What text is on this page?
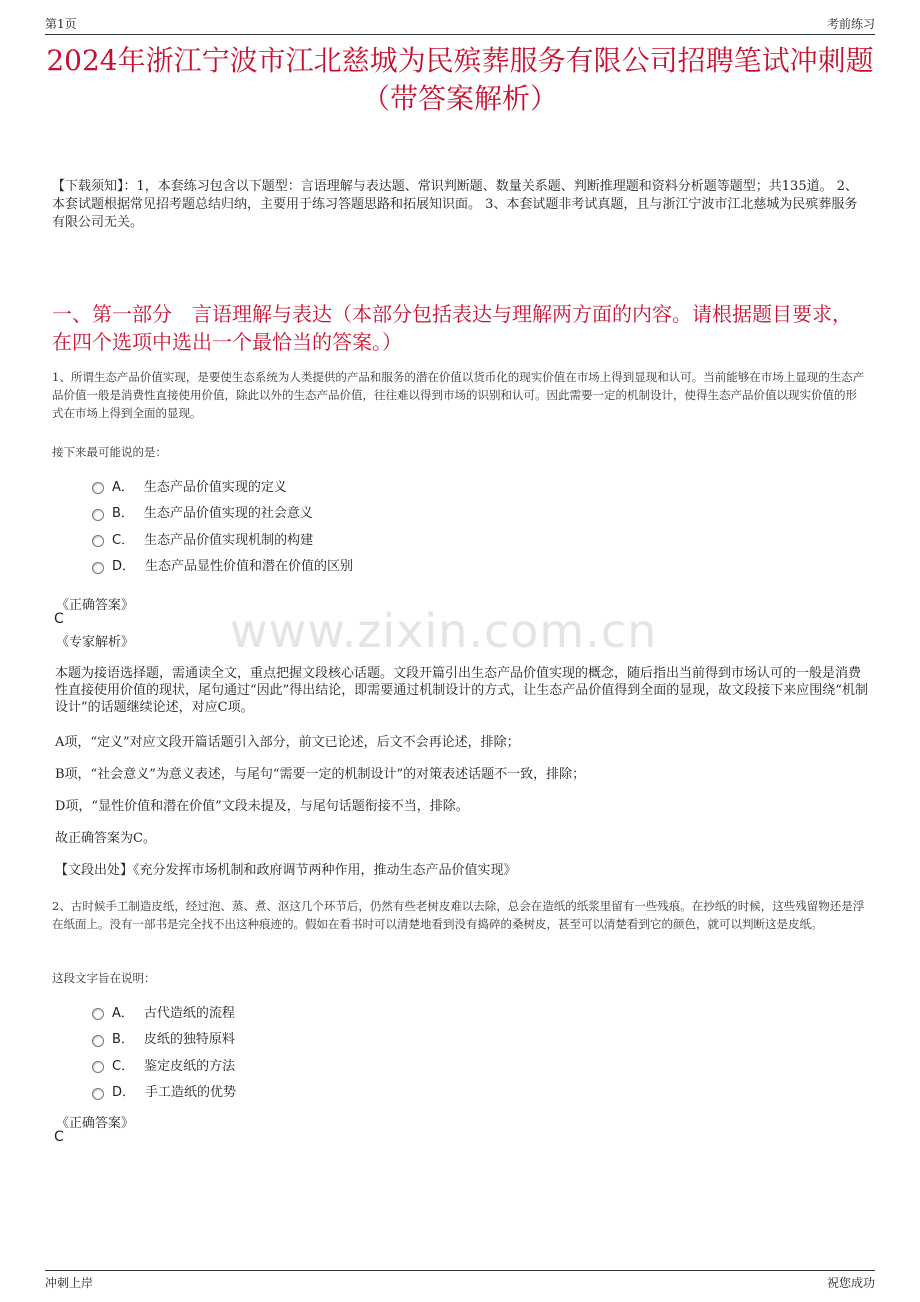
第1页	考前练习
2024年浙江宁波市江北慈城为民殡葬服务有限公司招聘笔试冲刺题（带答案解析）
【下载须知】：1，本套练习包含以下题型：言语理解与表达题、常识判断题、数量关系题、判断推理题和资料分析题等题型；共135道。 2、本套试题根据常见招考题总结归纳，主要用于练习答题思路和拓展知识面。 3、本套试题非考试真题，且与浙江宁波市江北慈城为民殡葬服务有限公司无关。
一、第一部分　言语理解与表达（本部分包括表达与理解两方面的内容。请根据题目要求，在四个选项中选出一个最恰当的答案。）
1、所谓生态产品价值实现，是要使生态系统为人类提供的产品和服务的潜在价值以货币化的现实价值在市场上得到显现和认可。当前能够在市场上显现的生态产品价值一般是消费性直接使用价值，除此以外的生态产品价值，往往难以得到市场的识别和认可。因此需要一定的机制设计，使得生态产品价值以现实价值的形式在市场上得到全面的显现。
接下来最可能说的是：
A． 生态产品价值实现的定义
B． 生态产品价值实现的社会意义
C． 生态产品价值实现机制的构建
D． 生态产品显性价值和潜在价值的区别
《正确答案》
C
《专家解析》 www.zixin.com.cn
本题为接语选择题，需通读全文，重点把握文段核心话题。文段开篇引出生态产品价值实现的概念，随后指出当前得到市场认可的一般是消费性直接使用价值的现状，尾句通过“因此”得出结论，即需要通过机制设计的方式，让生态产品价值得到全面的显现，故文段接下来应围绕“机制设计”的话题继续论述，对应C项。
A项，“定义”对应文段开篇话题引入部分，前文已论述，后文不会再论述，排除；
B项，“社会意义”为意义表述，与尾句“需要一定的机制设计”的对策表述话题不一致，排除；
D项，“显性价值和潜在价值”文段未提及，与尾句话题衔接不当，排除。
故正确答案为C。
【文段出处】《充分发挥市场机制和政府调节两种作用，推动生态产品价值实现》
2、古时候手工制造皮纸，经过泡、蒸、煮、沤这几个环节后，仍然有些老树皮难以去除，总会在造纸的纸浆里留有一些残痕。在抄纸的时候，这些残留物还是浮在纸面上。没有一部书是完全找不出这种痕迹的。假如在看书时可以清楚地看到没有捣碎的桑树皮，甚至可以清楚看到它的颜色，就可以判断这是皮纸。
这段文字旨在说明：
A． 古代造纸的流程
B． 皮纸的独特原料
C． 鉴定皮纸的方法
D． 手工造纸的优势
《正确答案》
C
冲刺上岸	祝您成功
